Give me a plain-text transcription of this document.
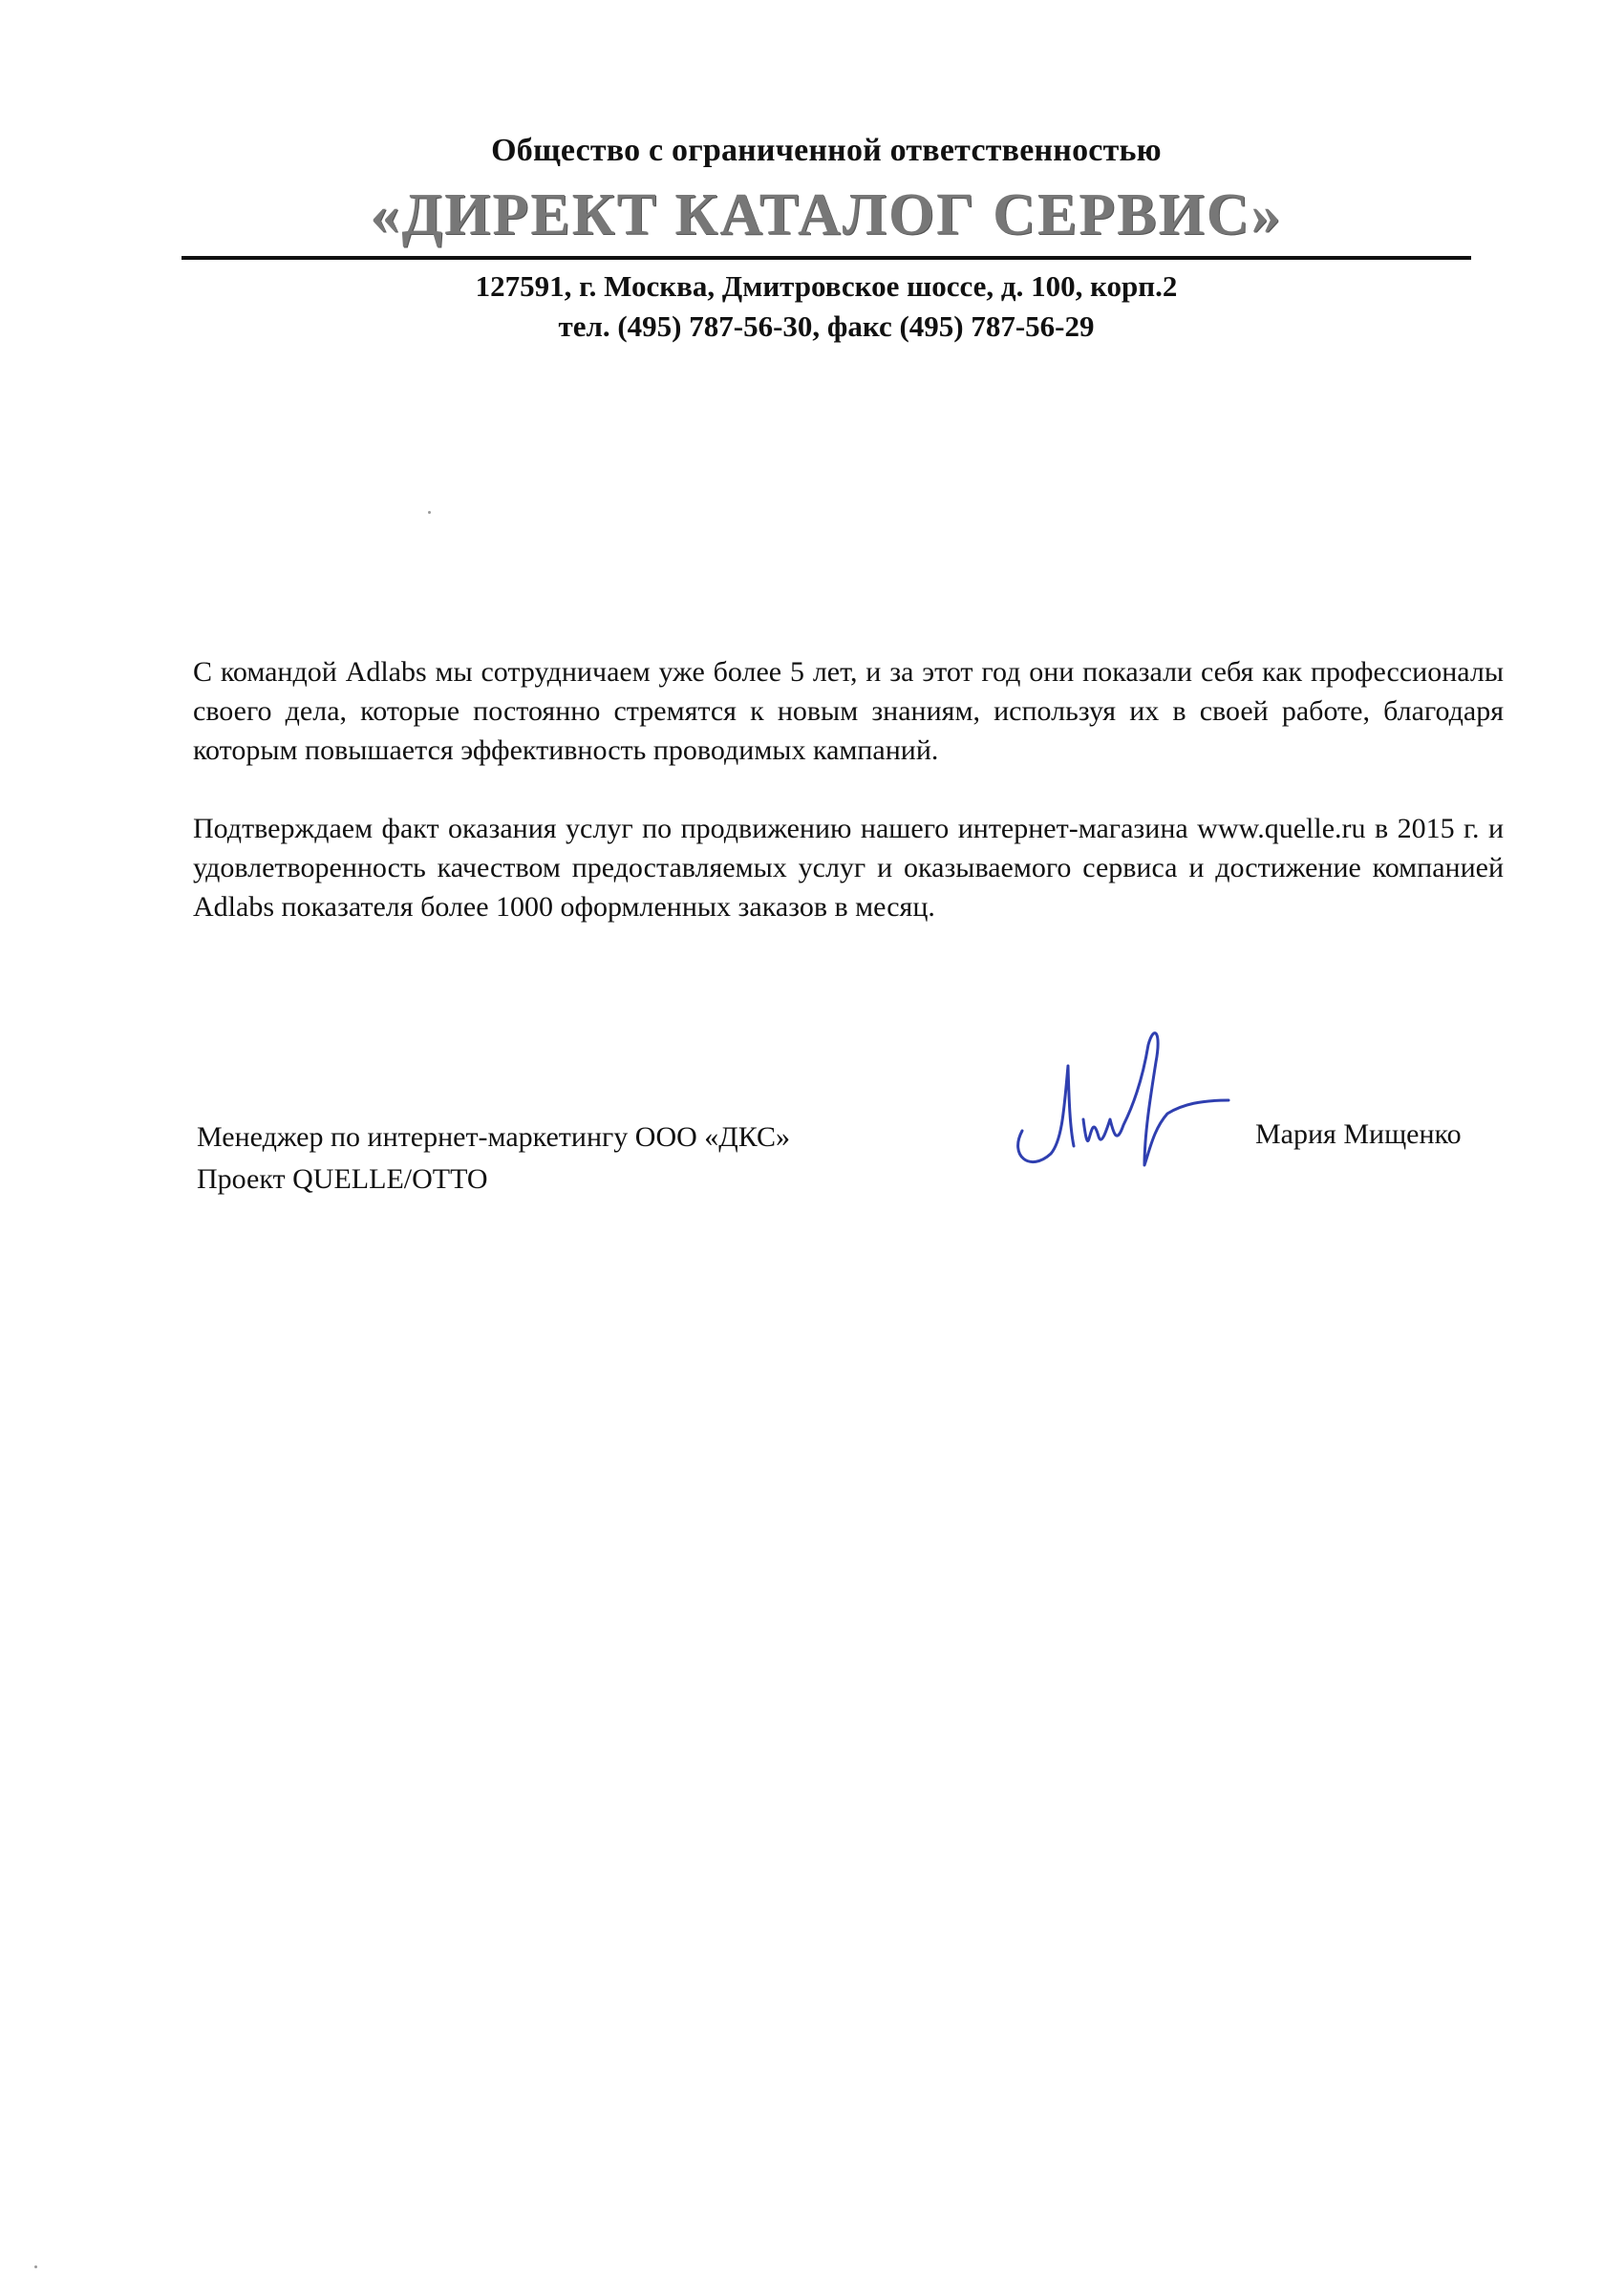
Общество с ограниченной ответственностью
«ДИРЕКТ КАТАЛОГ СЕРВИС»
127591, г. Москва, Дмитровское шоссе, д. 100, корп.2
тел. (495) 787-56-30, факс (495) 787-56-29
С командой Adlabs мы сотрудничаем уже более 5 лет, и за этот год они показали себя как профессионалы своего дела, которые постоянно стремятся к новым знаниям, используя их в своей работе, благодаря которым повышается эффективность проводимых кампаний.
Подтверждаем факт оказания услуг по продвижению нашего интернет-магазина www.quelle.ru в 2015 г. и удовлетворенность качеством предоставляемых услуг и оказываемого сервиса и достижение компанией Adlabs показателя более 1000 оформленных заказов в месяц.
Менеджер по интернет-маркетингу ООО «ДКС»
Проект QUELLE/OTTO
Мария Мищенко
